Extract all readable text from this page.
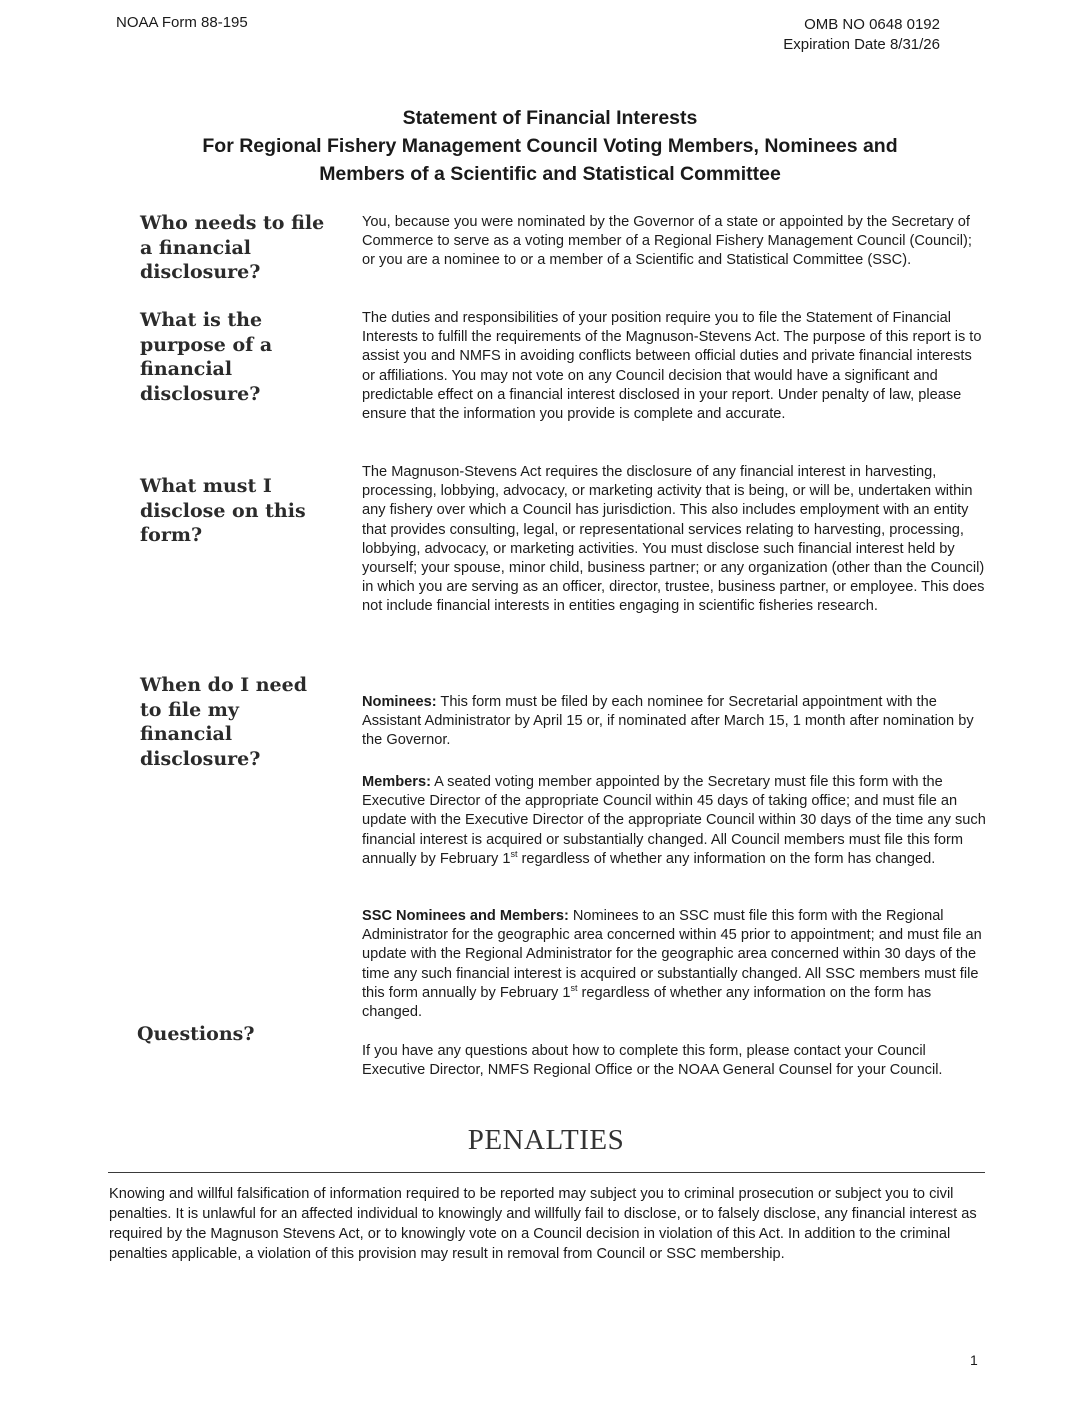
NOAA Form 88-195	OMB NO 0648 0192
Expiration Date 8/31/26
Statement of Financial Interests
For Regional Fishery Management Council Voting Members, Nominees and
Members of a Scientific and Statistical Committee
Who needs to file a financial disclosure?
You, because you were nominated by the Governor of a state or appointed by the Secretary of Commerce to serve as a voting member of a Regional Fishery Management Council (Council); or you are a nominee to or a member of a Scientific and Statistical Committee (SSC).
What is the purpose of a financial disclosure?
The duties and responsibilities of your position require you to file the Statement of Financial Interests to fulfill the requirements of the Magnuson-Stevens Act. The purpose of this report is to assist you and NMFS in avoiding conflicts between official duties and private financial interests or affiliations. You may not vote on any Council decision that would have a significant and predictable effect on a financial interest disclosed in your report. Under penalty of law, please ensure that the information you provide is complete and accurate.
What must I disclose on this form?
The Magnuson-Stevens Act requires the disclosure of any financial interest in harvesting, processing, lobbying, advocacy, or marketing activity that is being, or will be, undertaken within any fishery over which a Council has jurisdiction. This also includes employment with an entity that provides consulting, legal, or representational services relating to harvesting, processing, lobbying, advocacy, or marketing activities. You must disclose such financial interest held by yourself; your spouse, minor child, business partner; or any organization (other than the Council) in which you are serving as an officer, director, trustee, business partner, or employee. This does not include financial interests in entities engaging in scientific fisheries research.
When do I need to file my financial disclosure?
Nominees: This form must be filed by each nominee for Secretarial appointment with the Assistant Administrator by April 15 or, if nominated after March 15, 1 month after nomination by the Governor.
Members: A seated voting member appointed by the Secretary must file this form with the Executive Director of the appropriate Council within 45 days of taking office; and must file an update with the Executive Director of the appropriate Council within 30 days of the time any such financial interest is acquired or substantially changed. All Council members must file this form annually by February 1st regardless of whether any information on the form has changed.
SSC Nominees and Members: Nominees to an SSC must file this form with the Regional Administrator for the geographic area concerned within 45 prior to appointment; and must file an update with the Regional Administrator for the geographic area concerned within 30 days of the time any such financial interest is acquired or substantially changed. All SSC members must file this form annually by February 1st regardless of whether any information on the form has changed.
Questions?
If you have any questions about how to complete this form, please contact your Council Executive Director, NMFS Regional Office or the NOAA General Counsel for your Council.
PENALTIES
Knowing and willful falsification of information required to be reported may subject you to criminal prosecution or subject you to civil penalties. It is unlawful for an affected individual to knowingly and willfully fail to disclose, or to falsely disclose, any financial interest as required by the Magnuson Stevens Act, or to knowingly vote on a Council decision in violation of this Act. In addition to the criminal penalties applicable, a violation of this provision may result in removal from Council or SSC membership.
1
